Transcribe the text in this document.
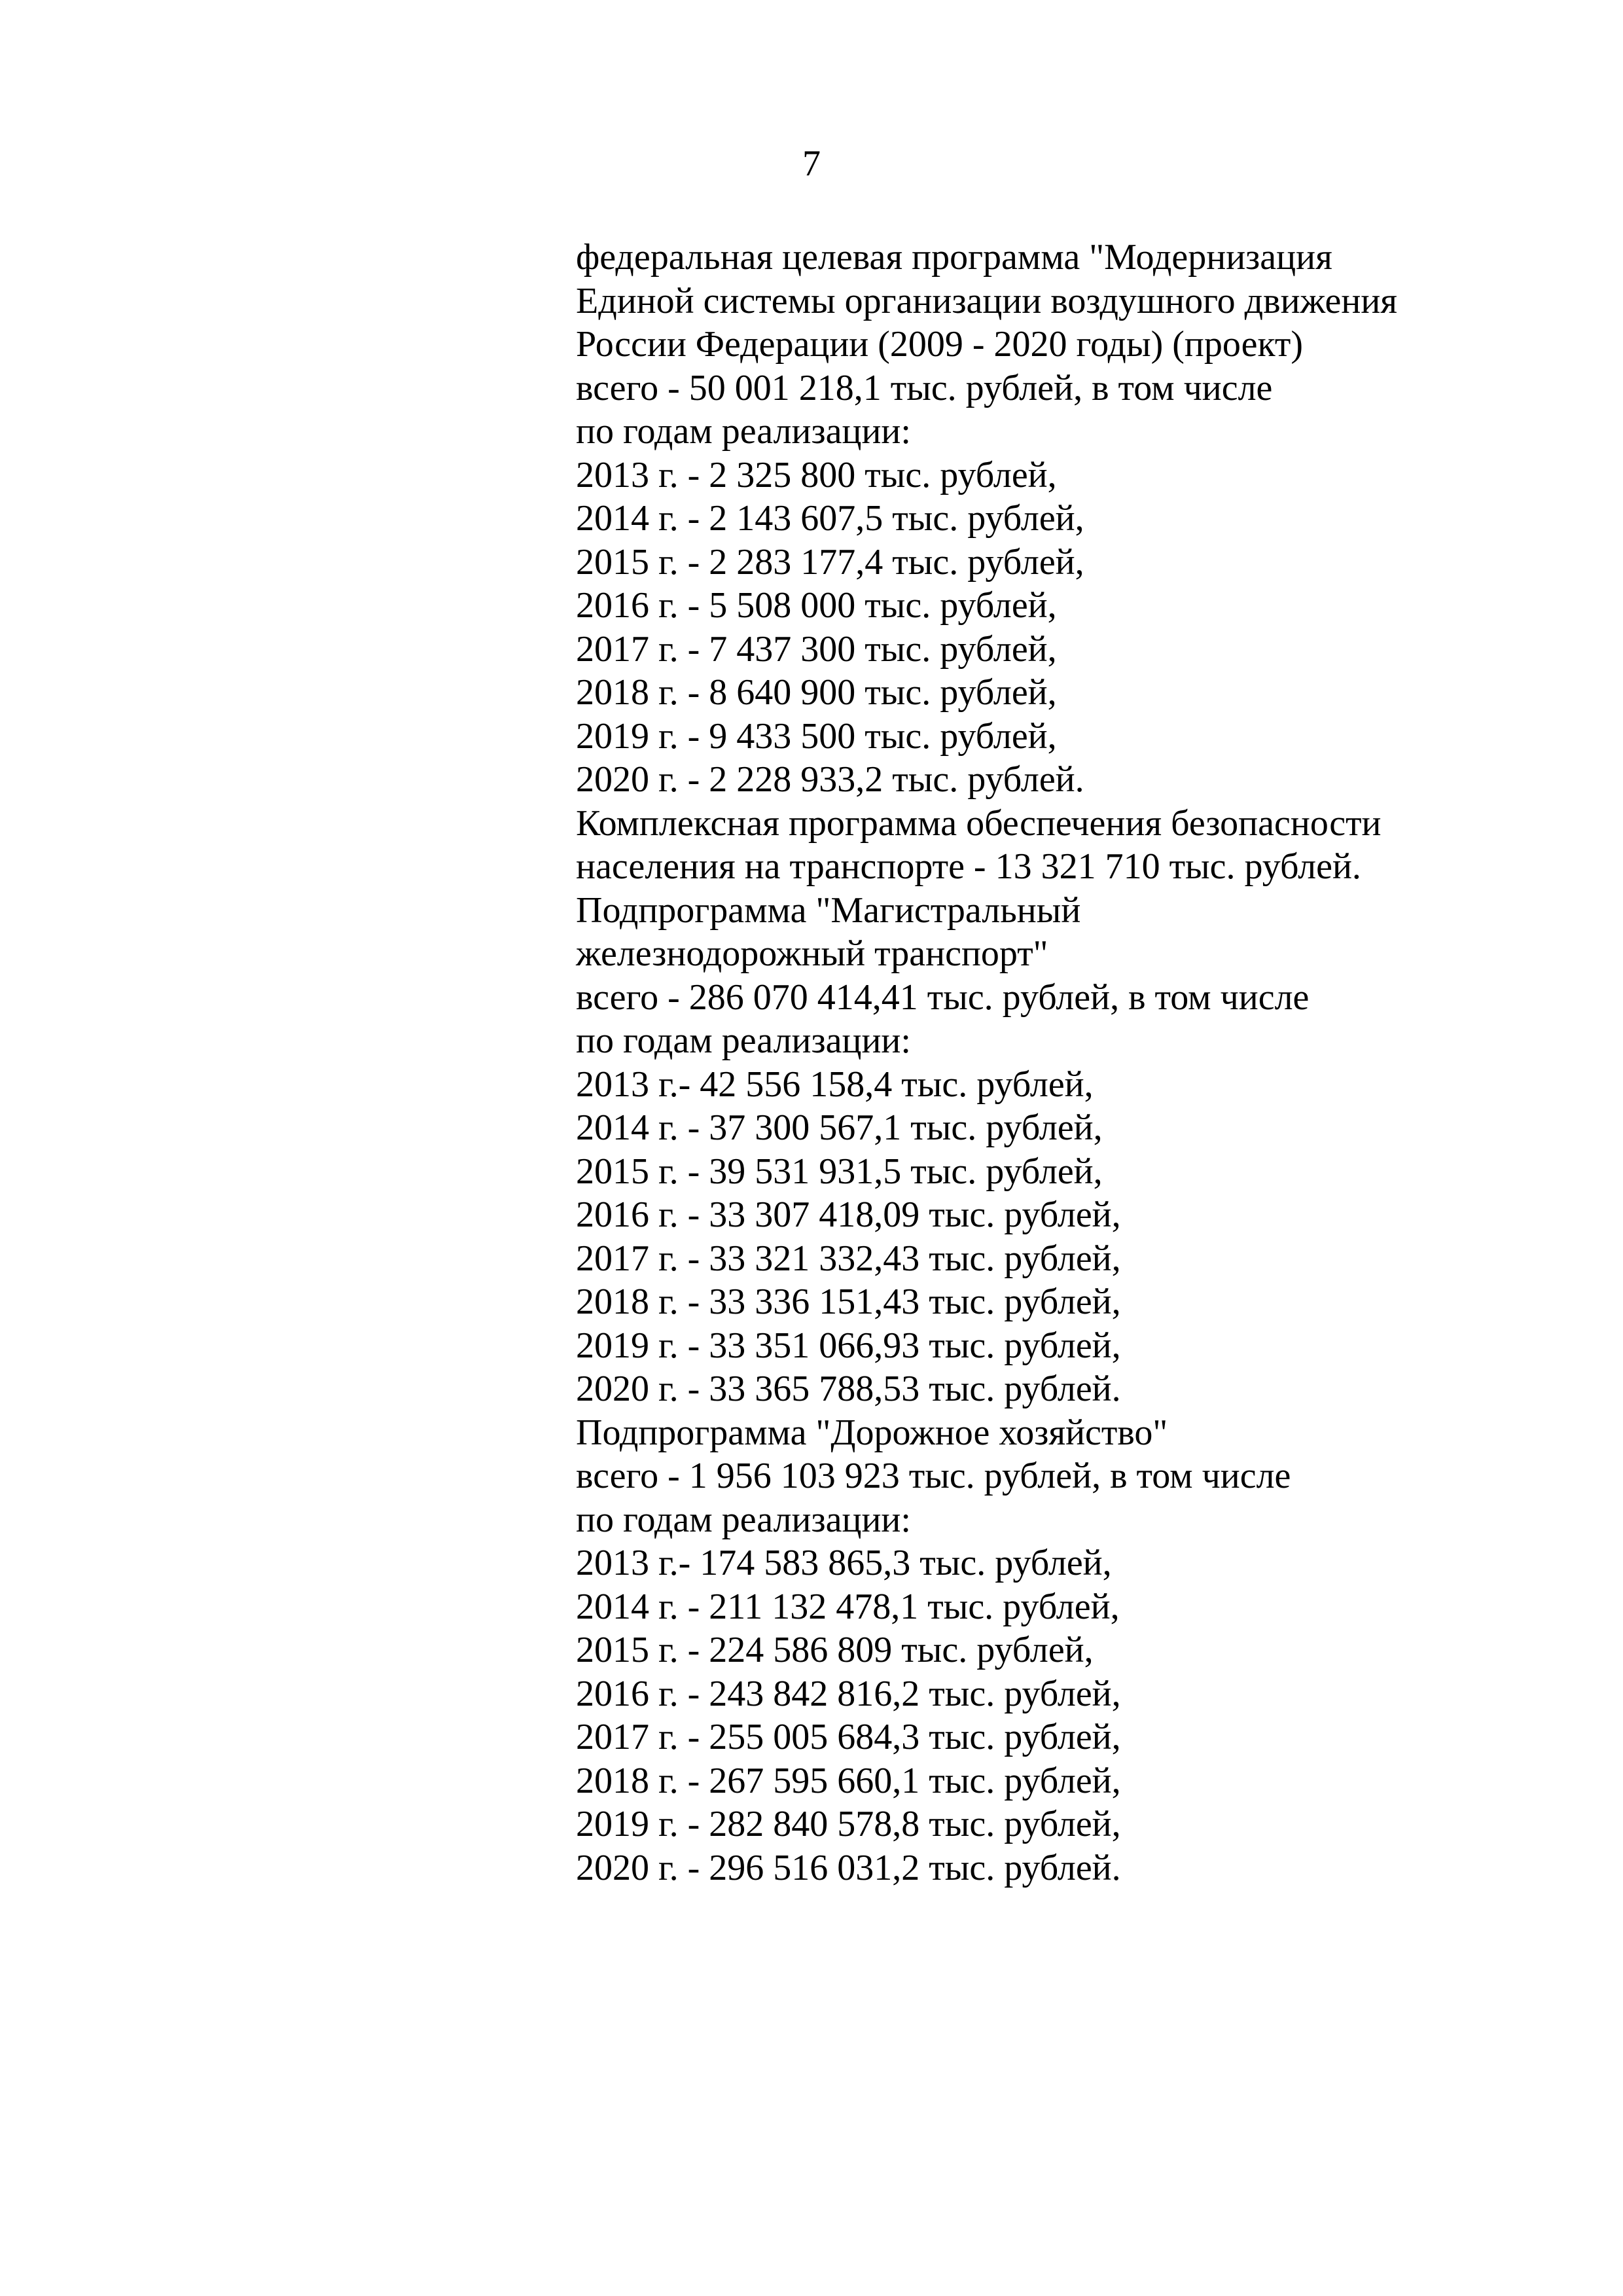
7
федеральная целевая программа "Модернизация
Единой системы организации воздушного движения
России Федерации (2009 - 2020 годы) (проект)
всего - 50 001 218,1 тыс. рублей, в том числе
по годам реализации:
2013 г. - 2 325 800 тыс. рублей,
2014 г. - 2 143 607,5 тыс. рублей,
2015 г. - 2 283 177,4 тыс. рублей,
2016 г. - 5 508 000 тыс. рублей,
2017 г. - 7 437 300 тыс. рублей,
2018 г. - 8 640 900 тыс. рублей,
2019 г. - 9 433 500 тыс. рублей,
2020 г. - 2 228 933,2 тыс. рублей.
Комплексная программа обеспечения безопасности
населения на транспорте - 13 321 710 тыс. рублей.
Подпрограмма "Магистральный
железнодорожный транспорт"
всего - 286 070 414,41 тыс. рублей, в том числе
по годам реализации:
2013 г.- 42 556 158,4 тыс. рублей,
2014 г. - 37 300 567,1 тыс. рублей,
2015 г. - 39 531 931,5 тыс. рублей,
2016 г. - 33 307 418,09 тыс. рублей,
2017 г. - 33 321 332,43 тыс. рублей,
2018 г. - 33 336 151,43 тыс. рублей,
2019 г. - 33 351 066,93 тыс. рублей,
2020 г. - 33 365 788,53 тыс. рублей.
Подпрограмма "Дорожное хозяйство"
всего - 1 956 103 923 тыс. рублей, в том числе
по годам реализации:
2013 г.- 174 583 865,3 тыс. рублей,
2014 г. - 211 132 478,1 тыс. рублей,
2015 г. - 224 586 809 тыс. рублей,
2016 г. - 243 842 816,2 тыс. рублей,
2017 г. - 255 005 684,3 тыс. рублей,
2018 г. - 267 595 660,1 тыс. рублей,
2019 г. - 282 840 578,8 тыс. рублей,
2020 г. - 296 516 031,2 тыс. рублей.
